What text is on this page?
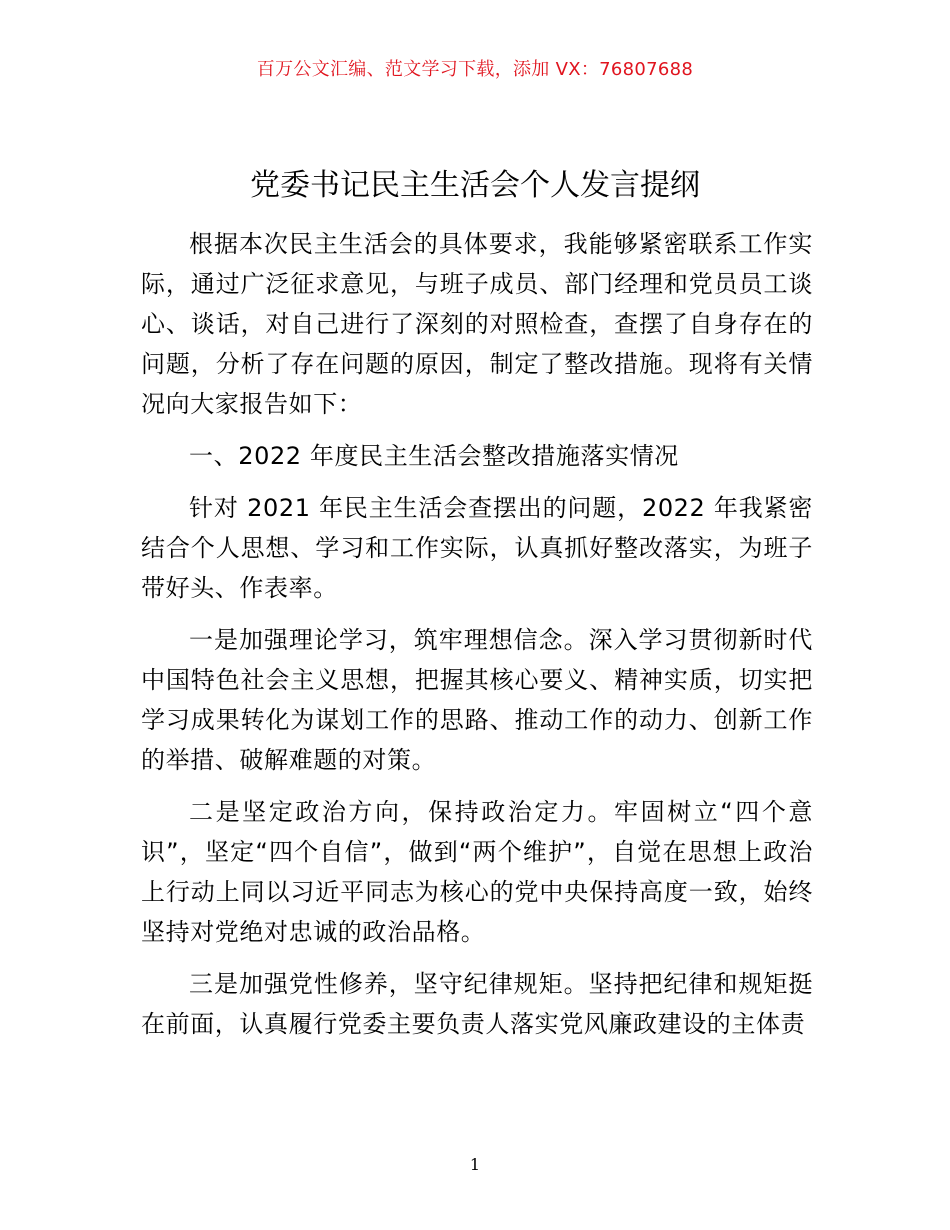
百万公文汇编、范文学习下载，添加 VX：76807688
党委书记民主生活会个人发言提纲

根据本次民主生活会的具体要求，我能够紧密联系工作实际，通过广泛征求意见，与班子成员、部门经理和党员员工谈心、谈话，对自己进行了深刻的对照检查，查摆了自身存在的问题，分析了存在问题的原因，制定了整改措施。现将有关情况向大家报告如下：

一、2022 年度民主生活会整改措施落实情况

针对 2021 年民主生活会查摆出的问题，2022 年我紧密结合个人思想、学习和工作实际，认真抓好整改落实，为班子带好头、作表率。

一是加强理论学习，筑牢理想信念。深入学习贯彻新时代中国特色社会主义思想，把握其核心要义、精神实质，切实把学习成果转化为谋划工作的思路、推动工作的动力、创新工作的举措、破解难题的对策。

二是坚定政治方向，保持政治定力。牢固树立“四个意识”，坚定“四个自信”，做到“两个维护”，自觉在思想上政治上行动上同以习近平同志为核心的党中央保持高度一致，始终坚持对党绝对忠诚的政治品格。

三是加强党性修养，坚守纪律规矩。坚持把纪律和规矩挺在前面，认真履行党委主要负责人落实党风廉政建设的主体责

1
